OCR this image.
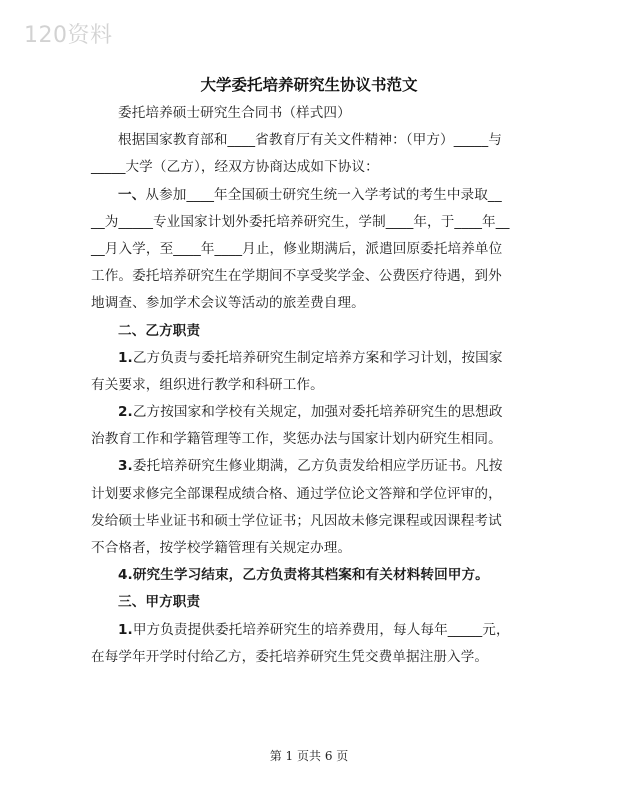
120资料
大学委托培养研究生协议书范文
委托培养硕士研究生合同书（样式四）
根据国家教育部和____省教育厅有关文件精神：（甲方）_____与
_____大学（乙方），经双方协商达成如下协议：
一、从参加____年全国硕士研究生统一入学考试的考生中录取__
__为_____专业国家计划外委托培养研究生，学制____年，于____年__
__月入学，至____年____月止，修业期满后，派遣回原委托培养单位
工作。委托培养研究生在学期间不享受奖学金、公费医疗待遇，到外
地调查、参加学术会议等活动的旅差费自理。
二、乙方职责
1.乙方负责与委托培养研究生制定培养方案和学习计划，按国家
有关要求，组织进行教学和科研工作。
2.乙方按国家和学校有关规定，加强对委托培养研究生的思想政
治教育工作和学籍管理等工作，奖惩办法与国家计划内研究生相同。
3.委托培养研究生修业期满，乙方负责发给相应学历证书。凡按
计划要求修完全部课程成绩合格、通过学位论文答辩和学位评审的，
发给硕士毕业证书和硕士学位证书；凡因故未修完课程或因课程考试
不合格者，按学校学籍管理有关规定办理。
4.研究生学习结束，乙方负责将其档案和有关材料转回甲方。
三、甲方职责
1.甲方负责提供委托培养研究生的培养费用，每人每年_____元，
在每学年开学时付给乙方，委托培养研究生凭交费单据注册入学。
第 1 页共 6 页
